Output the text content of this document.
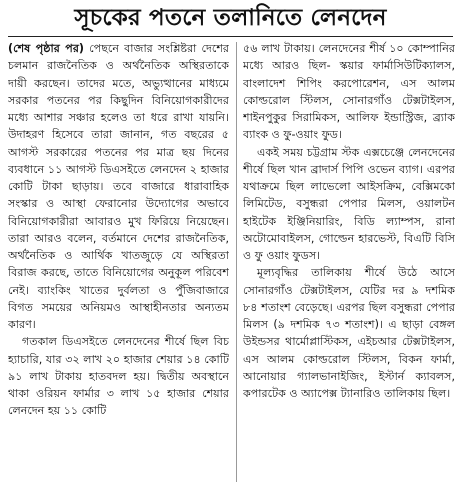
সূচকের পতনে তলানিতে লেনদেন

(শেষ পৃষ্ঠার পর) পেছনে বাজার সংশ্লিষ্টরা দেশের চলমান রাজনৈতিক ও অর্থনৈতিক অস্থিরতাকে দায়ী করছেন। তাদের মতে, অভ্যুত্থানের মাধ্যমে সরকার পতনের পর কিছুদিন বিনিয়োগকারীদের মধ্যে আশার সঞ্চার হলেও তা ধরে রাখা যায়নি। উদাহরণ হিসেবে তারা জানান, গত বছরের ৫ আগস্ট সরকারের পতনের পর মাত্র ছয় দিনের ব্যবধানে ১১ আগস্ট ডিএসইতে লেনদেন ২ হাজার কোটি টাকা ছাড়ায়। তবে বাজারে ধারাবাহিক সংস্কার ও আস্থা ফেরানোর উদ্যোগের অভাবে বিনিয়োগকারীরা আবারও মুখ ফিরিয়ে নিয়েছেন। তারা আরও বলেন, বর্তমানে দেশের রাজনৈতিক, অর্থনৈতিক ও আর্থিক খাতজুড়ে যে অস্থিরতা বিরাজ করছে, তাতে বিনিয়োগের অনুকূল পরিবেশ নেই। ব্যাংকিং খাতের দুর্বলতা ও পুঁজিবাজারে বিগত সময়ের অনিয়মও আস্থাহীনতার অন্যতম কারণ।

গতকাল ডিএসইতে লেনদেনের শীর্ষে ছিল বিচ হ্যাচারি, যার ৩২ লাখ ২০ হাজার শেয়ার ১৪ কোটি ৯১ লাখ টাকায় হাতবদল হয়। দ্বিতীয় অবস্থানে থাকা ওরিয়ন ফার্মার ৩ লাখ ১৫ হাজার শেয়ার লেনদেন হয় ১১ কোটি

৫৬ লাখ টাকায়। লেনদেনের শীর্ষ ১০ কোম্পানির মধ্যে আরও ছিল- স্কয়ার ফার্মাসিউটিক্যালস, বাংলাদেশ শিপিং করপোরেশন, এস আলম কোল্ডরোল স্টিলস, সোনারগাঁও টেক্সটাইলস, শাইনপুকুর সিরামিকস, আলিফ ইন্ডাস্ট্রিজ, ব্র্যাক ব্যাংক ও ফু-ওয়াং ফুড।

একই সময় চট্টগ্রাম স্টক এক্সচেঞ্জে লেনদেনের শীর্ষে ছিল খান ব্রাদার্স পিপি ওভেন ব্যাগ। এরপর যথাক্রমে ছিল লাভেলো আইসক্রিম, বেক্সিমকো লিমিটেড, বসুন্ধরা পেপার মিলস, ওয়ালটন হাইটেক ইঞ্জিনিয়ারিং, বিডি ল্যাম্পস, রানা অটোমোবাইলস, গোল্ডেন হারভেস্ট, বিএটি বিসি ও ফু ওয়াং ফুডস।

মূল্যবৃদ্ধির তালিকায় শীর্ষে উঠে আসে সোনারগাঁও টেক্সটাইলস, যেটির দর ৯ দশমিক ৮৪ শতাংশ বেড়েছে। এরপর ছিল বসুন্ধরা পেপার মিলস (৯ দশমিক ৭৩ শতাংশ)। এ ছাড়া বেঙ্গল উইন্ডসর থার্মোপ্লাস্টিকস, এইচআর টেক্সটাইলস, এস আলম কোল্ডরোল স্টিলস, বিকন ফার্মা, আনোয়ার গ্যালভানাইজিং, ইস্টার্ন ক্যাবলস, কপারটেক ও অ্যাপেক্স ট্যানারিও তালিকায় ছিল।
